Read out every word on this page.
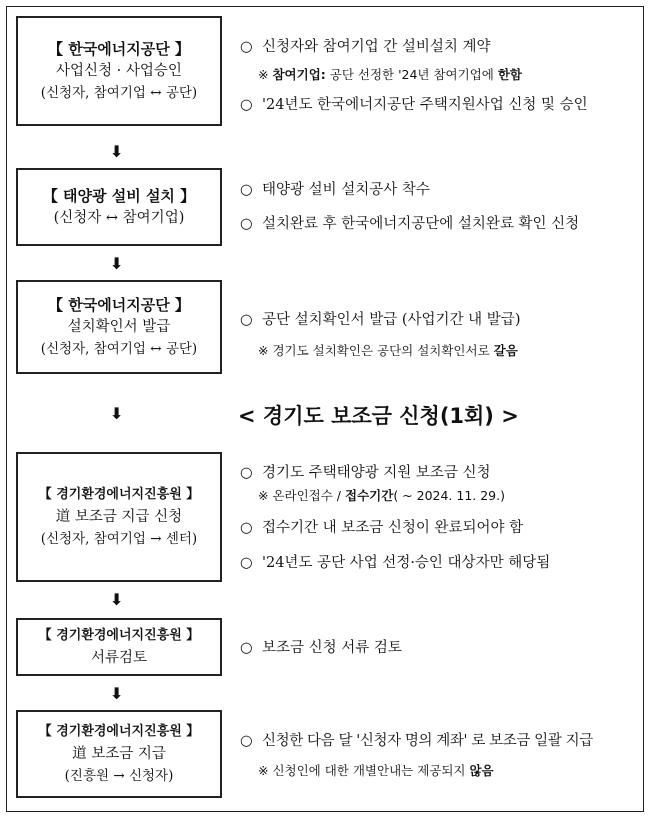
【 한국에너지공단 】
사업신청 · 사업승인
(신청자, 참여기업 ↔ 공단)
○ 신청자와 참여기업 간 설비설치 계약
※ 참여기업: 공단 선정한 '24년 참여기업에 한함
○ '24년도 한국에너지공단 주택지원사업 신청 및 승인
⬇
【 태양광 설비 설치 】
(신청자 ↔ 참여기업)
○ 태양광 설비 설치공사 착수
○ 설치완료 후 한국에너지공단에 설치완료 확인 신청
⬇
【 한국에너지공단 】
설치확인서 발급
(신청자, 참여기업 ↔ 공단)
○ 공단 설치확인서 발급 (사업기간 내 발급)
※ 경기도 설치확인은 공단의 설치확인서로 갈음
⬇	< 경기도 보조금 신청(1회) >
【 경기환경에너지진흥원 】
道 보조금 지급 신청
(신청자, 참여기업 → 센터)
○ 경기도 주택태양광 지원 보조금 신청
※ 온라인접수 / 접수기간( ~ 2024. 11. 29.)
○ 접수기간 내 보조금 신청이 완료되어야 함
○ '24년도 공단 사업 선정·승인 대상자만 해당됨
⬇
【 경기환경에너지진흥원 】
서류검토
○ 보조금 신청 서류 검토
⬇
【 경기환경에너지진흥원 】
道 보조금 지급
(진흥원 → 신청자)
○ 신청한 다음 달 '신청자 명의 계좌' 로 보조금 일괄 지급
※ 신청인에 대한 개별안내는 제공되지 않음
